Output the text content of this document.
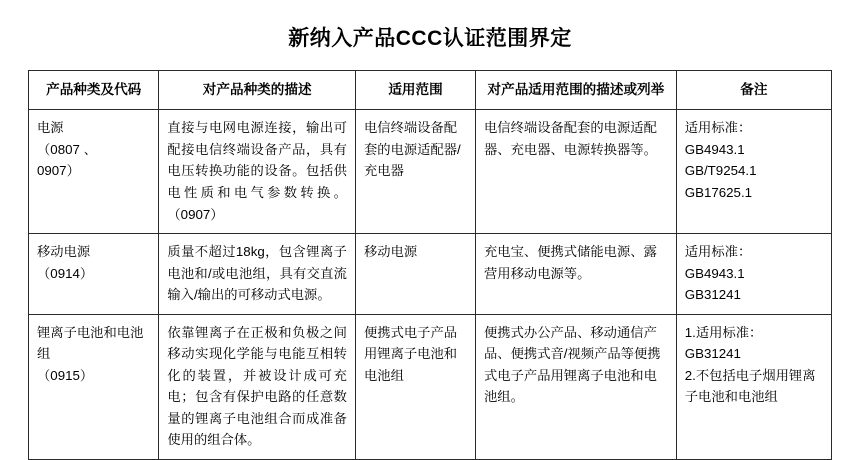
新纳入产品CCC认证范围界定
产品种类及代码	对产品种类的描述	适用范围	对产品适用范围的描述或列举	备注

电源
（0807 、
0907）	直接与电网电源连接，输出可配接电信终端设备产品，具有电压转换功能的设备。包括供电性质和电气参数转换。（0907）	电信终端设备配套的电源适配器/充电器	电信终端设备配套的电源适配器、充电器、电源转换器等。	适用标准：
GB4943.1
GB/T9254.1
GB17625.1

移动电源
（0914）	质量不超过18kg，包含锂离子电池和/或电池组，具有交直流输入/输出的可移动式电源。	移动电源	充电宝、便携式储能电源、露营用移动电源等。	适用标准：
GB4943.1
GB31241

锂离子电池和电池组
（0915）	依靠锂离子在正极和负极之间移动实现化学能与电能互相转化的装置，并被设计成可充电；包含有保护电路的任意数量的锂离子电池组合而成准备使用的组合体。	便携式电子产品用锂离子电池和电池组	便携式办公产品、移动通信产品、便携式音/视频产品等便携式电子产品用锂离子电池和电池组。	1.适用标准：
GB31241
2.不包括电子烟用锂离子电池和电池组
